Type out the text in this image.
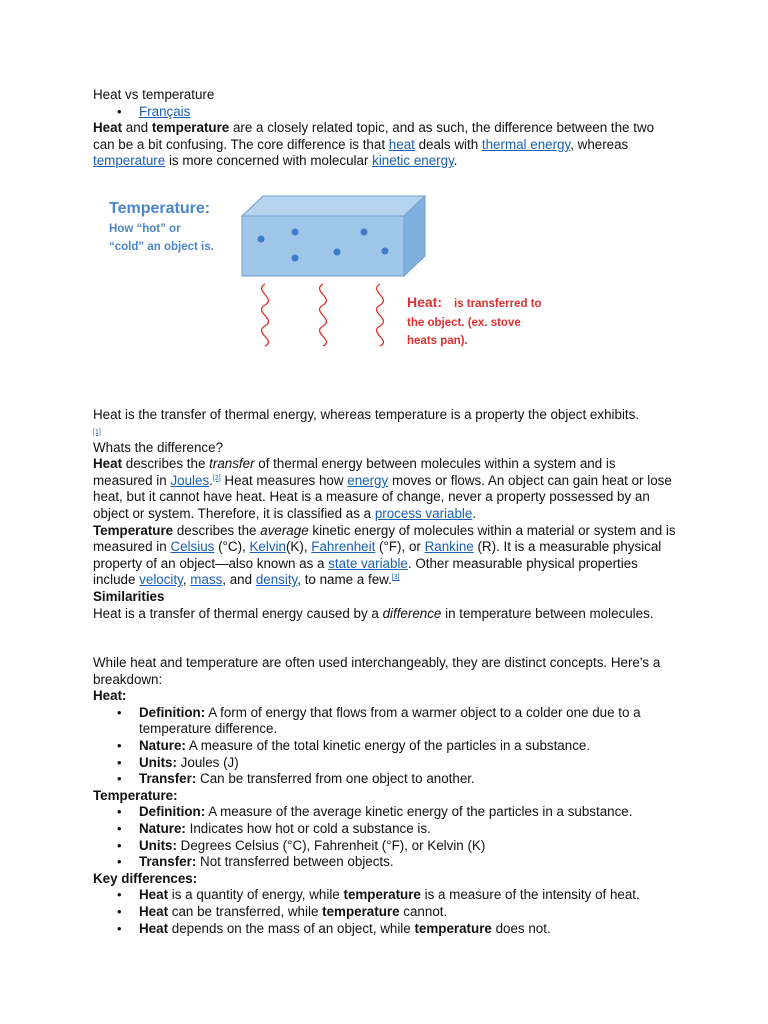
Heat vs temperature

• Français

Heat and temperature are a closely related topic, and as such, the difference between the two can be a bit confusing. The core difference is that heat deals with thermal energy, whereas temperature is more concerned with molecular kinetic energy.

Temperature:
How “hot” or
“cold” an object is.
Heat: is transferred to
the object. (ex. stove
heats pan).

Heat is the transfer of thermal energy, whereas temperature is a property the object exhibits.

[1]

Whats the difference?

Heat describes the transfer of thermal energy between molecules within a system and is measured in Joules.[2] Heat measures how energy moves or flows. An object can gain heat or lose heat, but it cannot have heat. Heat is a measure of change, never a property possessed by an object or system. Therefore, it is classified as a process variable.
Temperature describes the average kinetic energy of molecules within a material or system and is measured in Celsius (°C), Kelvin(K), Fahrenheit (°F), or Rankine (R). It is a measurable physical property of an object—also known as a state variable. Other measurable physical properties include velocity, mass, and density, to name a few.[3]

Similarities

Heat is a transfer of thermal energy caused by a difference in temperature between molecules.

While heat and temperature are often used interchangeably, they are distinct concepts. Here's a breakdown:

Heat:

• Definition: A form of energy that flows from a warmer object to a colder one due to a temperature difference.
• Nature: A measure of the total kinetic energy of the particles in a substance.
• Units: Joules (J)
• Transfer: Can be transferred from one object to another.

Temperature:

• Definition: A measure of the average kinetic energy of the particles in a substance.
• Nature: Indicates how hot or cold a substance is.
• Units: Degrees Celsius (°C), Fahrenheit (°F), or Kelvin (K)
• Transfer: Not transferred between objects.

Key differences:

• Heat is a quantity of energy, while temperature is a measure of the intensity of heat.
• Heat can be transferred, while temperature cannot.
• Heat depends on the mass of an object, while temperature does not.
